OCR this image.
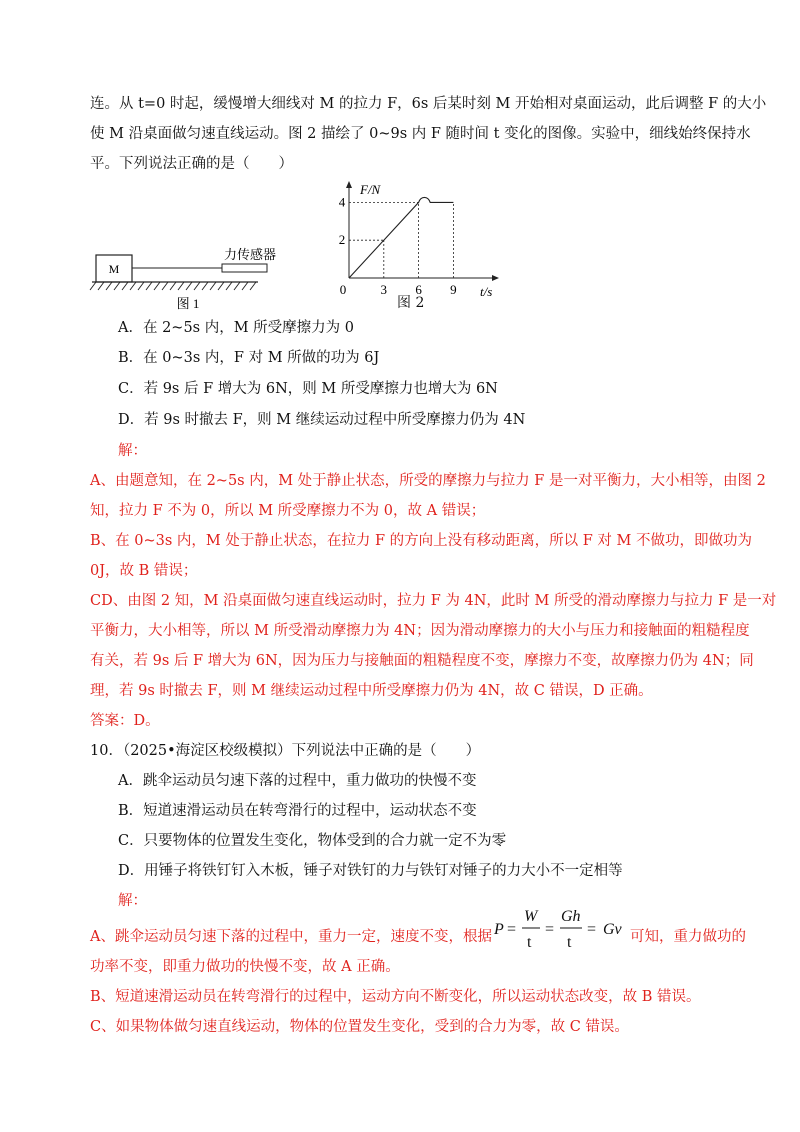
连。从 t=0 时起，缓慢增大细线对 M 的拉力 F，6s 后某时刻 M 开始相对桌面运动，此后调整 F 的大小
使 M 沿桌面做匀速直线运动。图 2 描绘了 0~9s 内 F 随时间 t 变化的图像。实验中，细线始终保持水
平。下列说法正确的是（　　）
M
力传感器
图 1
F/N
t/s
0
2
4
3 6 9
图 2
A．在 2~5s 内，M 所受摩擦力为 0
B．在 0~3s 内，F 对 M 所做的功为 6J
C．若 9s 后 F 增大为 6N，则 M 所受摩擦力也增大为 6N
D．若 9s 时撤去 F，则 M 继续运动过程中所受摩擦力仍为 4N
解：
A、由题意知，在 2~5s 内，M 处于静止状态，所受的摩擦力与拉力 F 是一对平衡力，大小相等，由图 2
知，拉力 F 不为 0，所以 M 所受摩擦力不为 0，故 A 错误；
B、在 0~3s 内，M 处于静止状态，在拉力 F 的方向上没有移动距离，所以 F 对 M 不做功，即做功为
0J，故 B 错误；
CD、由图 2 知，M 沿桌面做匀速直线运动时，拉力 F 为 4N，此时 M 所受的滑动摩擦力与拉力 F 是一对
平衡力，大小相等，所以 M 所受滑动摩擦力为 4N；因为滑动摩擦力的大小与压力和接触面的粗糙程度
有关，若 9s 后 F 增大为 6N，因为压力与接触面的粗糙程度不变，摩擦力不变，故摩擦力仍为 4N；同
理，若 9s 时撤去 F，则 M 继续运动过程中所受摩擦力仍为 4N，故 C 错误，D 正确。
答案：D。
10．（2025•海淀区校级模拟）下列说法中正确的是（　　）
A．跳伞运动员匀速下落的过程中，重力做功的快慢不变
B．短道速滑运动员在转弯滑行的过程中，运动状态不变
C．只要物体的位置发生变化，物体受到的合力就一定不为零
D．用锤子将铁钉钉入木板，锤子对铁钉的力与铁钉对锤子的力大小不一定相等
解：
A、跳伞运动员匀速下落的过程中，重力一定，速度不变，根据 P =
W
t
=
Gh
t
= Gv 可知，重力做功的
功率不变，即重力做功的快慢不变，故 A 正确。
B、短道速滑运动员在转弯滑行的过程中，运动方向不断变化，所以运动状态改变，故 B 错误。
C、如果物体做匀速直线运动，物体的位置发生变化，受到的合力为零，故 C 错误。
